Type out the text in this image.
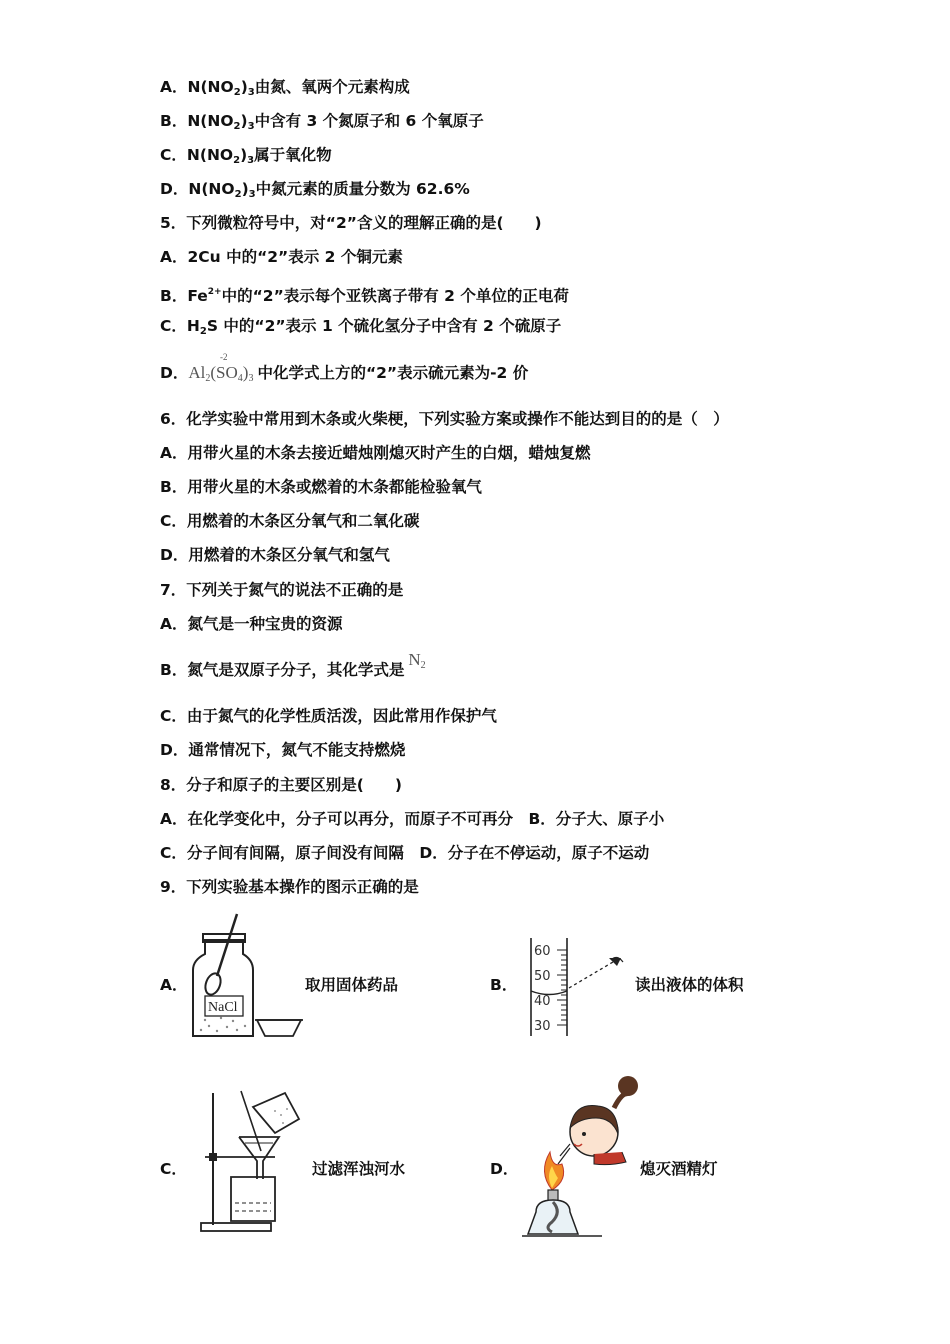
A．$N(NO_2)_3$由氮、氧两个元素构成
B．$N(NO_2)_3$中含有 3 个氮原子和 6 个氧原子
C．$N(NO_2)_3$属于氧化物
D．$N(NO_2)_3$中氮元素的质量分数为 62.6%
5．下列微粒符号中，对“2”含义的理解正确的是(　　)
A．2Cu 中的“2”表示 2 个铜元素
B．$Fe^{2+}$中的“2”表示每个亚铁离子带有 2 个单位的正电荷
C．$H_2S$ 中的“2”表示 1 个硫化氢分子中含有 2 个硫原子
D．$Al_2(SO$
-2
$_4)_3$ 中化学式上方的“2”表示硫元素为-2 价
6．化学实验中常用到木条或火柴梗，下列实验方案或操作不能达到目的的是（　）
A．用带火星的木条去接近蜡烛刚熄灭时产生的白烟，蜡烛复燃
B．用带火星的木条或燃着的木条都能检验氧气
C．用燃着的木条区分氧气和二氧化碳
D．用燃着的木条区分氧气和氢气
7．下列关于氮气的说法不正确的是
A．氮气是一种宝贵的资源
B．氮气是双原子分子，其化学式是$N_2$
C．由于氮气的化学性质活泼，因此常用作保护气
D．通常情况下，氮气不能支持燃烧
8．分子和原子的主要区别是(　　)
A．在化学变化中，分子可以再分，而原子不可再分　B．分子大、原子小
C．分子间有间隔，原子间没有间隔　D．分子在不停运动，原子不运动
9．下列实验基本操作的图示正确的是
A．
NaCl
取用固体药品	B．
60
50
40
30
读出液体的体积
C．	过滤浑浊河水	D．	熄灭酒精灯
